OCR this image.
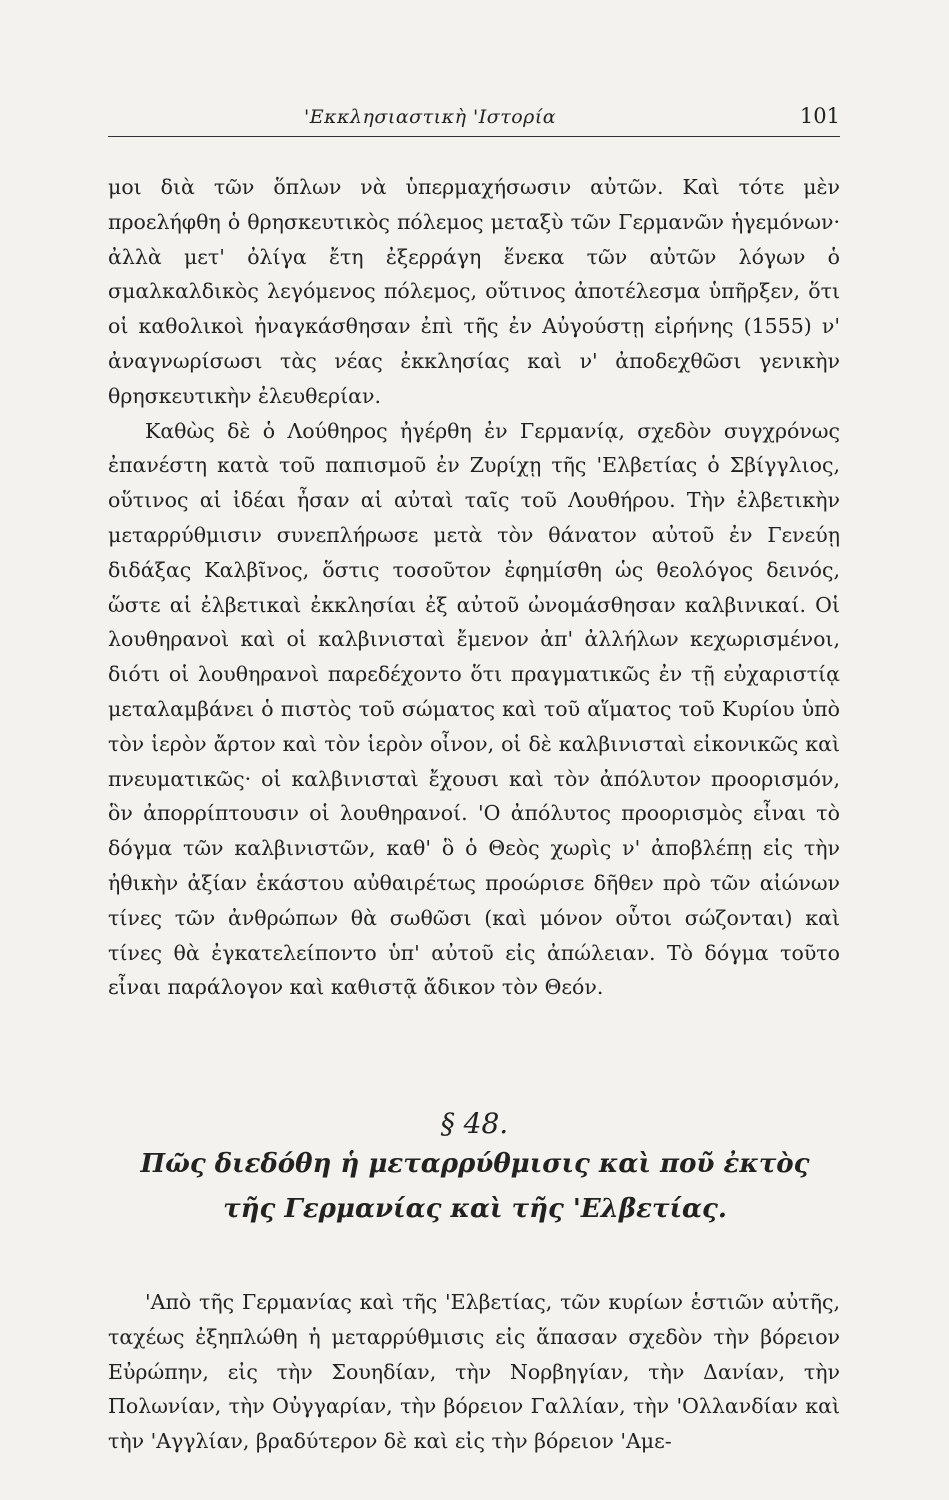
'Εκκλησιαστικὴ 'Ιστορία	101

μοι διὰ τῶν ὅπλων νὰ ὑπερμαχήσωσιν αὐτῶν. Καὶ τότε μὲν προελήφθη ὁ θρησκευτικὸς πόλεμος μεταξὺ τῶν Γερμανῶν ἡγεμόνων· ἀλλὰ μετ' ὀλίγα ἔτη ἐξερράγη ἕνεκα τῶν αὐτῶν λόγων ὁ σμαλκαλδικὸς λεγόμενος πόλεμος, οὕτινος ἀποτέλεσμα ὑπῆρξεν, ὅτι οἱ καθολικοὶ ἠναγκάσθησαν ἐπὶ τῆς ἐν Αὐγούστῃ εἰρήνης (1555) ν' ἀναγνωρίσωσι τὰς νέας ἐκκλησίας καὶ ν' ἀποδεχθῶσι γενικὴν θρησκευτικὴν ἐλευθερίαν.

Καθὼς δὲ ὁ Λούθηρος ἠγέρθη ἐν Γερμανίᾳ, σχεδὸν συγχρόνως ἐπανέστη κατὰ τοῦ παπισμοῦ ἐν Ζυρίχῃ τῆς 'Ελβετίας ὁ Σβίγγλιος, οὕτινος αἱ ἰδέαι ἦσαν αἱ αὐταὶ ταῖς τοῦ Λουθήρου. Τὴν ἐλβετικὴν μεταρρύθμισιν συνεπλήρωσε μετὰ τὸν θάνατον αὐτοῦ ἐν Γενεύῃ διδάξας Καλβῖνος, ὅστις τοσοῦτον ἐφημίσθη ὡς θεολόγος δεινός, ὥστε αἱ ἐλβετικαὶ ἐκκλησίαι ἐξ αὐτοῦ ὠνομάσθησαν καλβινικαί. Οἱ λουθηρανοὶ καὶ οἱ καλβινισταὶ ἔμενον ἀπ' ἀλλήλων κεχωρισμένοι, διότι οἱ λουθηρανοὶ παρεδέχοντο ὅτι πραγματικῶς ἐν τῇ εὐχαριστίᾳ μεταλαμβάνει ὁ πιστὸς τοῦ σώματος καὶ τοῦ αἵματος τοῦ Κυρίου ὑπὸ τὸν ἱερὸν ἄρτον καὶ τὸν ἱερὸν οἶνον, οἱ δὲ καλβινισταὶ εἰκονικῶς καὶ πνευματικῶς· οἱ καλβινισταὶ ἔχουσι καὶ τὸν ἀπόλυτον προορισμόν, ὃν ἀπορρίπτουσιν οἱ λουθηρανοί. 'Ο ἀπόλυτος προορισμὸς εἶναι τὸ δόγμα τῶν καλβινιστῶν, καθ' ὃ ὁ Θεὸς χωρὶς ν' ἀποβλέπῃ εἰς τὴν ἠθικὴν ἀξίαν ἑκάστου αὐθαιρέτως προώρισε δῆθεν πρὸ τῶν αἰώνων τίνες τῶν ἀνθρώπων θὰ σωθῶσι (καὶ μόνον οὗτοι σώζονται) καὶ τίνες θὰ ἐγκατελείποντο ὑπ' αὐτοῦ εἰς ἀπώλειαν. Τὸ δόγμα τοῦτο εἶναι παράλογον καὶ καθιστᾷ ἄδικον τὸν Θεόν.

§ 48.
Πῶς διεδόθη ἡ μεταρρύθμισις καὶ ποῦ ἐκτὸς
τῆς Γερμανίας καὶ τῆς 'Ελβετίας.

'Απὸ τῆς Γερμανίας καὶ τῆς 'Ελβετίας, τῶν κυρίων ἑστιῶν αὐτῆς, ταχέως ἐξηπλώθη ἡ μεταρρύθμισις εἰς ἅπασαν σχεδὸν τὴν βόρειον Εὐρώπην, εἰς τὴν Σουηδίαν, τὴν Νορβηγίαν, τὴν Δανίαν, τὴν Πολωνίαν, τὴν Οὐγγαρίαν, τὴν βόρειον Γαλλίαν, τὴν 'Ολλανδίαν καὶ τὴν 'Αγγλίαν, βραδύτερον δὲ καὶ εἰς τὴν βόρειον 'Αμε-
